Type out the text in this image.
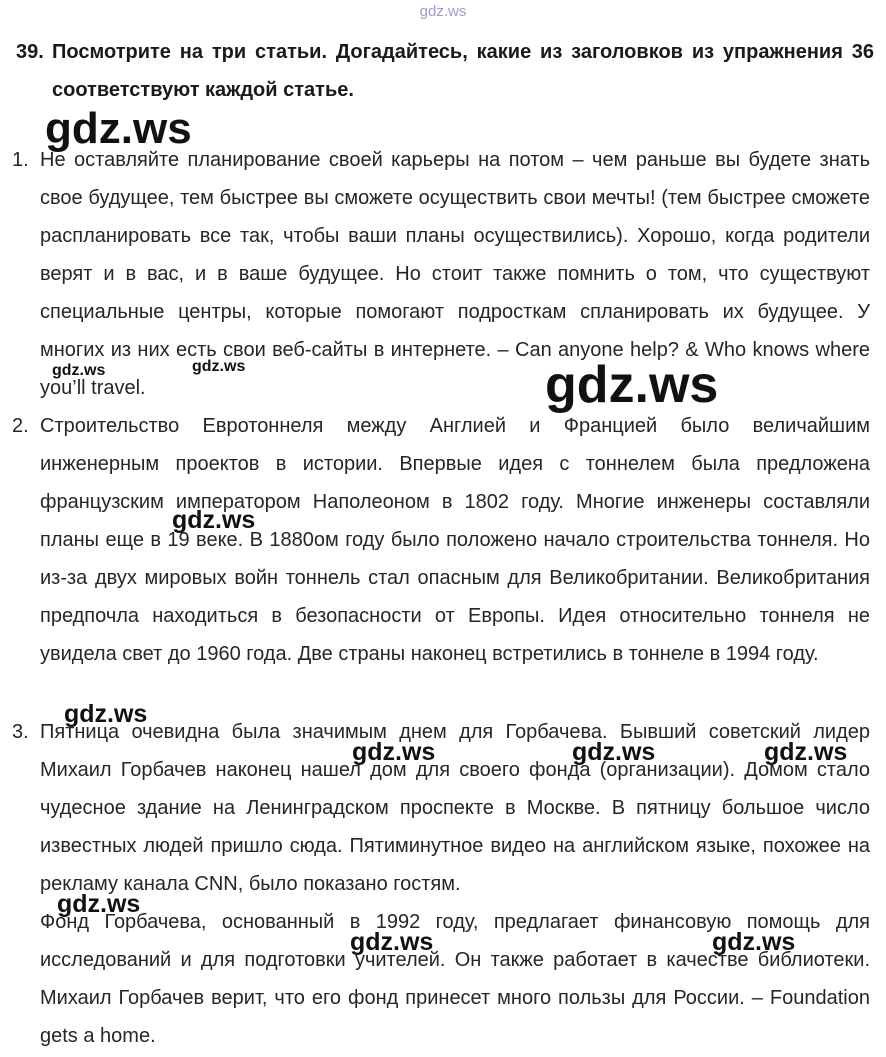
gdz.ws
39. Посмотрите на три статьи. Догадайтесь, какие из заголовков из упражнения 36 соответствуют каждой статье.
1. Не оставляйте планирование своей карьеры на потом – чем раньше вы будете знать свое будущее, тем быстрее вы сможете осуществить свои мечты! (тем быстрее сможете распланировать все так, чтобы ваши планы осуществились). Хорошо, когда родители верят и в вас, и в ваше будущее. Но стоит также помнить о том, что существуют специальные центры, которые помогают подросткам спланировать их будущее. У многих из них есть свои веб-сайты в интернете. – Can anyone help? & Who knows where you’ll travel.
2. Строительство Евротоннеля между Англией и Францией было величайшим инженерным проектов в истории. Впервые идея с тоннелем была предложена французским императором Наполеоном в 1802 году. Многие инженеры составляли планы еще в 19 веке. В 1880ом году было положено начало строительства тоннеля. Но из-за двух мировых войн тоннель стал опасным для Великобритании. Великобритания предпочла находиться в безопасности от Европы. Идея относительно тоннеля не увидела свет до 1960 года. Две страны наконец встретились в тоннеле в 1994 году.
3. Пятница очевидна была значимым днем для Горбачева. Бывший советский лидер Михаил Горбачев наконец нашел дом для своего фонда (организации). Домом стало чудесное здание на Ленинградском проспекте в Москве. В пятницу большое число известных людей пришло сюда. Пятиминутное видео на английском языке, похожее на рекламу канала CNN, было показано гостям.
Фонд Горбачева, основанный в 1992 году, предлагает финансовую помощь для исследований и для подготовки учителей. Он также работает в качестве библиотеки. Михаил Горбачев верит, что его фонд принесет много пользы для России. – Foundation gets a home.
gdz.ws
gdz.ws	gdz.ws	gdz.ws
gdz.ws
gdz.ws
gdz.ws	gdz.ws	gdz.ws
gdz.ws
gdz.ws	gdz.ws
